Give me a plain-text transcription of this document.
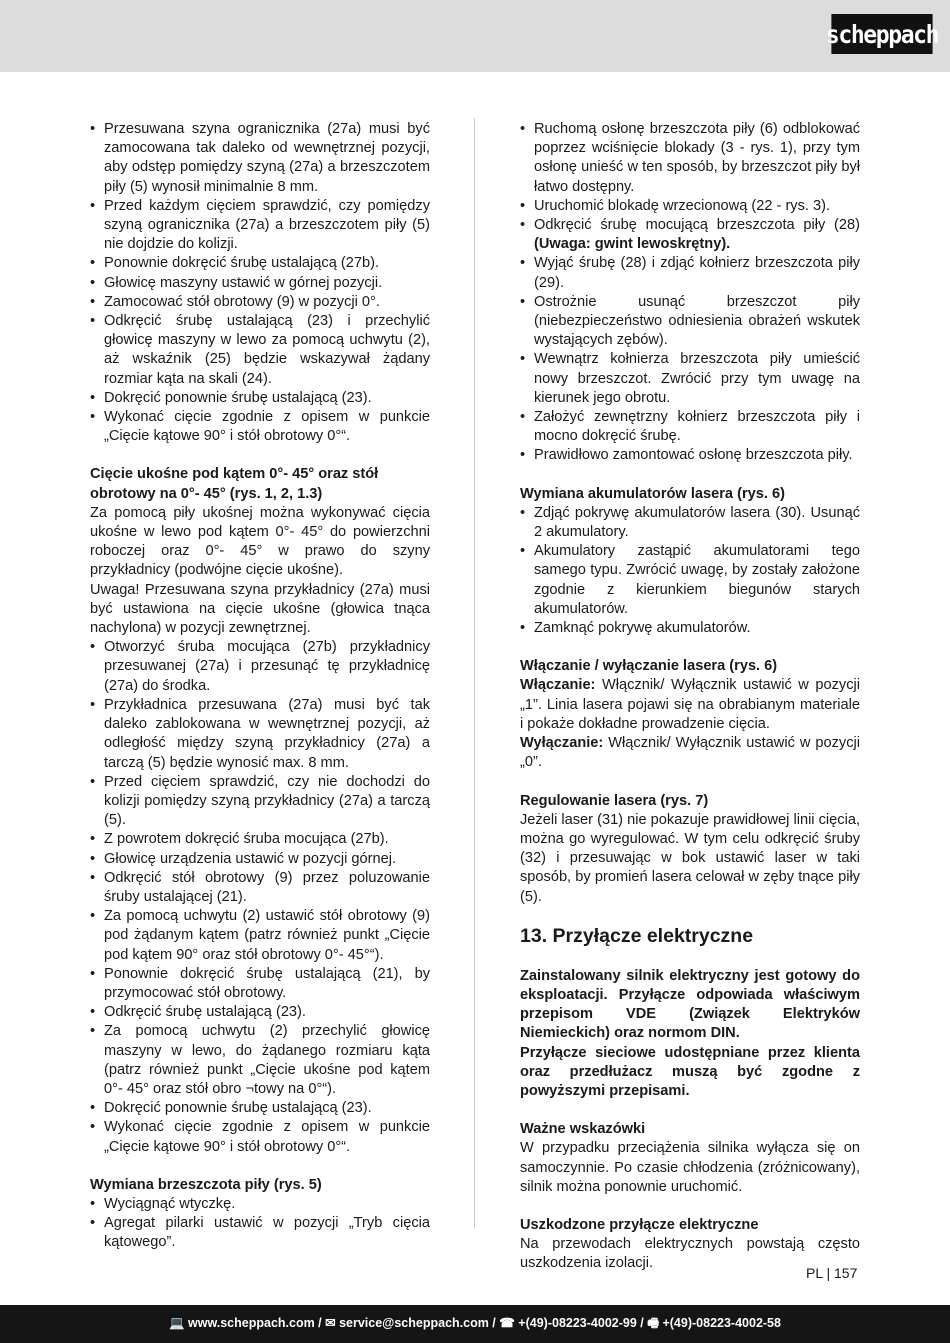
scheppach
• Przesuwana szyna ogranicznika (27a) musi być zamocowana tak daleko od wewnętrznej pozycji, aby odstęp pomiędzy szyną (27a) a brzeszczotem piły (5) wynosił minimalnie 8 mm.
• Przed każdym cięciem sprawdzić, czy pomiędzy szyną ogranicznika (27a) a brzeszczotem piły (5) nie dojdzie do kolizji.
• Ponownie dokręcić śrubę ustalającą (27b).
• Głowicę maszyny ustawić w górnej pozycji.
• Zamocować stół obrotowy (9) w pozycji 0°.
• Odkręcić śrubę ustalającą (23) i przechylić głowicę maszyny w lewo za pomocą uchwytu (2), aż wskaźnik (25) będzie wskazywał żądany rozmiar kąta na skali (24).
• Dokręcić ponownie śrubę ustalającą (23).
• Wykonać cięcie zgodnie z opisem w punkcie „Cięcie kątowe 90° i stół obrotowy 0°“.
Cięcie ukośne pod kątem 0°- 45° oraz stół obrotowy na 0°- 45° (rys. 1, 2, 1.3)

Za pomocą piły ukośnej można wykonywać cięcia ukośne w lewo pod kątem 0°- 45° do powierzchni roboczej oraz 0°- 45° w prawo do szyny przykładnicy (podwójne cięcie ukośne).

Uwaga! Przesuwana szyna przykładnicy (27a) musi być ustawiona na cięcie ukośne (głowica tnąca nachylona) w pozycji zewnętrznej.

• Otworzyć śruba mocująca (27b) przykładnicy przesuwanej (27a) i przesunąć tę przykładnicę (27a) do środka.
• Przykładnica przesuwana (27a) musi być tak daleko zablokowana w wewnętrznej pozycji, aż odległość między szyną przykładnicy (27a) a tarczą (5) będzie wynosić max. 8 mm.
• Przed cięciem sprawdzić, czy nie dochodzi do kolizji pomiędzy szyną przykładnicy (27a) a tarczą (5).
• Z powrotem dokręcić śruba mocująca (27b).
• Głowicę urządzenia ustawić w pozycji górnej.
• Odkręcić stół obrotowy (9) przez poluzowanie śruby ustalającej (21).
• Za pomocą uchwytu (2) ustawić stół obrotowy (9) pod żądanym kątem (patrz również punkt „Cięcie pod kątem 90° oraz stół obrotowy 0°- 45°“).
• Ponownie dokręcić śrubę ustalającą (21), by przymocować stół obrotowy.
• Odkręcić śrubę ustalającą (23).
• Za pomocą uchwytu (2) przechylić głowicę maszyny w lewo, do żądanego rozmiaru kąta (patrz również punkt „Cięcie ukośne pod kątem 0°- 45° oraz stół obro ¬towy na 0°“).
• Dokręcić ponownie śrubę ustalającą (23).
• Wykonać cięcie zgodnie z opisem w punkcie „Cięcie kątowe 90° i stół obrotowy 0°“.
Wymiana brzeszczota piły (rys. 5)
• Wyciągnąć wtyczkę.
• Agregat pilarki ustawić w pozycji „Tryb cięcia kątowego”.
• Ruchomą osłonę brzeszczota piły (6) odblokować poprzez wciśnięcie blokady (3 - rys. 1), przy tym osłonę unieść w ten sposób, by brzeszczot piły był łatwo dostępny.
• Uruchomić blokadę wrzecionową (22 - rys. 3).
• Odkręcić śrubę mocującą brzeszczota piły (28) (Uwaga: gwint lewoskrętny).
• Wyjąć śrubę (28) i zdjąć kołnierz brzeszczota piły (29).
• Ostrożnie usunąć brzeszczot piły (niebezpieczeństwo odniesienia obrażeń wskutek wystających zębów).
• Wewnątrz kołnierza brzeszczota piły umieścić nowy brzeszczot. Zwrócić przy tym uwagę na kierunek jego obrotu.
• Założyć zewnętrzny kołnierz brzeszczota piły i mocno dokręcić śrubę.
• Prawidłowo zamontować osłonę brzeszczota piły.
Wymiana akumulatorów lasera (rys. 6)
• Zdjąć pokrywę akumulatorów lasera (30). Usunąć 2 akumulatory.
• Akumulatory zastąpić akumulatorami tego samego typu. Zwrócić uwagę, by zostały założone zgodnie z kierunkiem biegunów starych akumulatorów.
• Zamknąć pokrywę akumulatorów.
Włączanie / wyłączanie lasera (rys. 6)

Włączanie: Włącznik/ Wyłącznik ustawić w pozycji „1”. Linia lasera pojawi się na obrabianym materiale i pokaże dokładne prowadzenie cięcia.

Wyłączanie: Włącznik/ Wyłącznik ustawić w pozycji „0”.

Regulowanie lasera (rys. 7)

Jeżeli laser (31) nie pokazuje prawidłowej linii cięcia, można go wyregulować. W tym celu odkręcić śruby (32) i przesuwając w bok ustawić laser w taki sposób, by promień lasera celował w zęby tnące piły (5).

13. Przyłącze elektryczne

Zainstalowany silnik elektryczny jest gotowy do eksploatacji. Przyłącze odpowiada właściwym przepisom VDE (Związek Elektryków Niemieckich) oraz normom DIN.

Przyłącze sieciowe udostępniane przez klienta oraz przedłużacz muszą być zgodne z powyższymi przepisami.

Ważne wskazówki

W przypadku przeciążenia silnika wyłącza się on samoczynnie. Po czasie chłodzenia (zróżnicowany), silnik można ponownie uruchomić.

Uszkodzone przyłącze elektryczne

Na przewodach elektrycznych powstają często uszkodzenia izolacji.

PL | 157
💻 www.scheppach.com / ✉ service@scheppach.com / ☎ +(49)-08223-4002-99 / 🖷 +(49)-08223-4002-58
